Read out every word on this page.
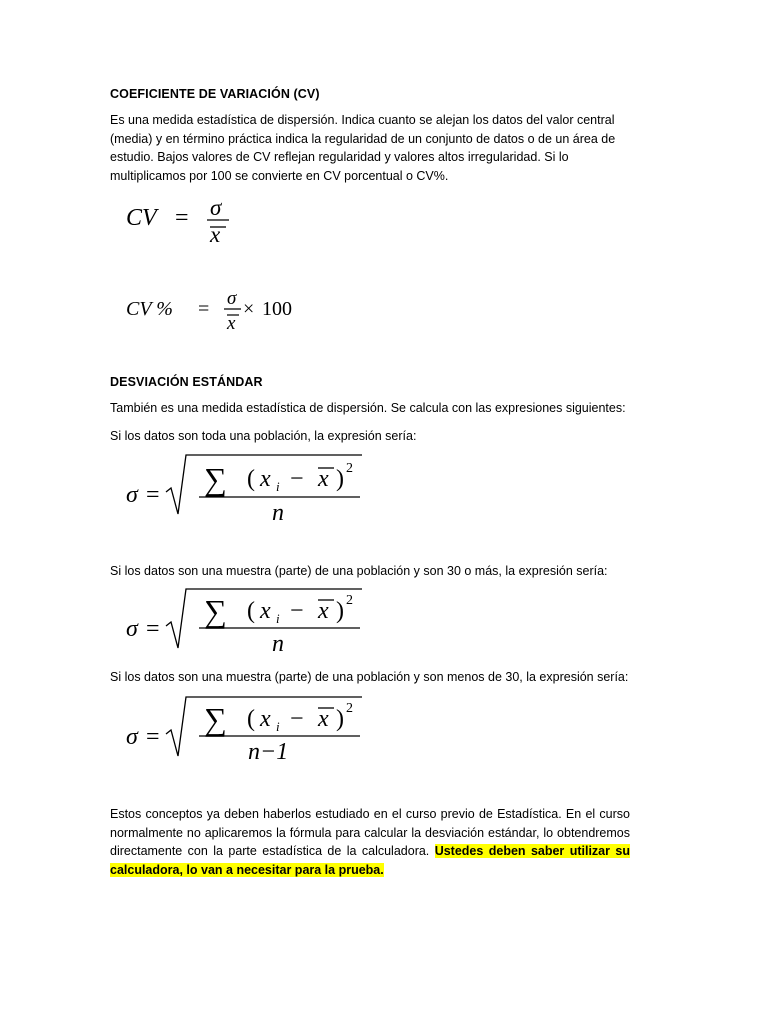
COEFICIENTE DE VARIACIÓN (CV)
Es una medida estadística de dispersión. Indica cuanto se alejan los datos del valor central (media) y en término práctica indica la regularidad de un conjunto de datos o de un área de estudio. Bajos valores de CV reflejan regularidad y valores altos irregularidad. Si lo multiplicamos por 100 se convierte en CV porcentual o CV%.
CV = σ
x
CV % = σ
x
× 100
DESVIACIÓN ESTÁNDAR
También es una medida estadística de dispersión. Se calcula con las expresiones siguientes:
Si los datos son toda una población, la expresión sería:
σ = ∑ ( x i − x ) 2
n
Si los datos son una muestra (parte) de una población y son 30 o más, la expresión sería:
σ = ∑ ( x i − x ) 2
n
Si los datos son una muestra (parte) de una población y son menos de 30, la expresión sería:
σ = ∑ ( x i − x ) 2
n−1
Estos conceptos ya deben haberlos estudiado en el curso previo de Estadística. En el curso normalmente no aplicaremos la fórmula para calcular la desviación estándar, lo obtendremos directamente con la parte estadística de la calculadora. Ustedes deben saber utilizar su calculadora, lo van a necesitar para la prueba.
